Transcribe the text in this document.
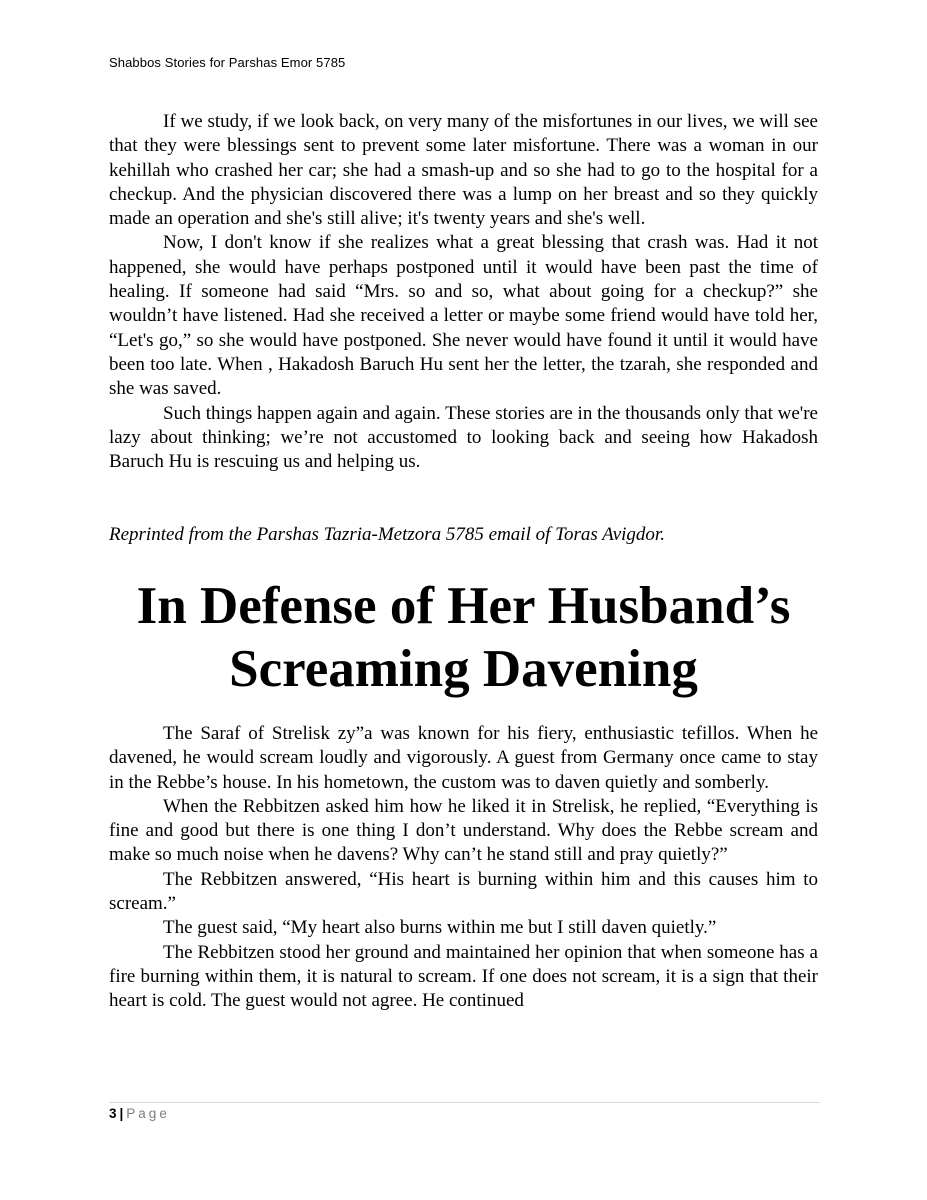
Shabbos Stories for Parshas Emor 5785

If we study, if we look back, on very many of the misfortunes in our lives, we will see that they were blessings sent to prevent some later misfortune. There was a woman in our kehillah who crashed her car; she had a smash-up and so she had to go to the hospital for a checkup. And the physician discovered there was a lump on her breast and so they quickly made an operation and she's still alive; it's twenty years and she's well.

Now, I don't know if she realizes what a great blessing that crash was. Had it not happened, she would have perhaps postponed until it would have been past the time of healing. If someone had said “Mrs. so and so, what about going for a checkup?” she wouldn’t have listened. Had she received a letter or maybe some friend would have told her, “Let's go,” so she would have postponed. She never would have found it until it would have been too late. When , Hakadosh Baruch Hu sent her the letter, the tzarah, she responded and she was saved.

Such things happen again and again. These stories are in the thousands only that we're lazy about thinking; we’re not accustomed to looking back and seeing how Hakadosh Baruch Hu is rescuing us and helping us.

Reprinted from the Parshas Tazria-Metzora 5785 email of Toras Avigdor.

In Defense of Her Husband’s
Screaming Davening

The Saraf of Strelisk zy”a was known for his fiery, enthusiastic tefillos. When he davened, he would scream loudly and vigorously. A guest from Germany once came to stay in the Rebbe’s house. In his hometown, the custom was to daven quietly and somberly.

When the Rebbitzen asked him how he liked it in Strelisk, he replied, “Everything is fine and good but there is one thing I don’t understand. Why does the Rebbe scream and make so much noise when he davens? Why can’t he stand still and pray quietly?”

The Rebbitzen answered, “His heart is burning within him and this causes him to scream.”

The guest said, “My heart also burns within me but I still daven quietly.”

The Rebbitzen stood her ground and maintained her opinion that when someone has a fire burning within them, it is natural to scream. If one does not scream, it is a sign that their heart is cold. The guest would not agree. He continued

3 | Page
